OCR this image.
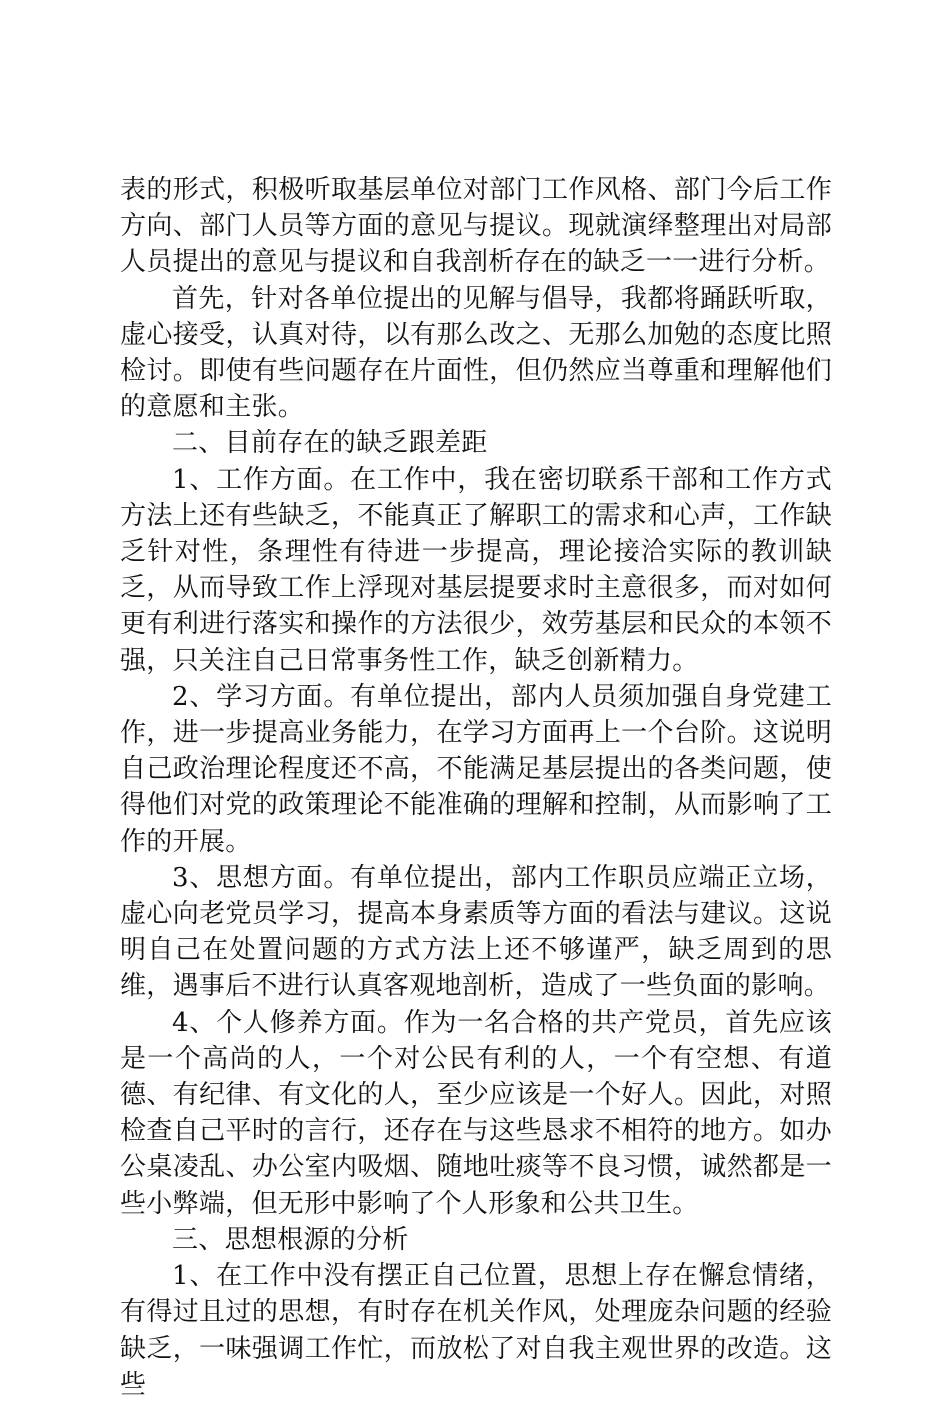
表的形式，积极听取基层单位对部门工作风格、部门今后工作方向、部门人员等方面的意见与提议。现就演绎整理出对局部人员提出的意见与提议和自我剖析存在的缺乏一一进行分析。

首先，针对各单位提出的见解与倡导，我都将踊跃听取，虚心接受，认真对待，以有那么改之、无那么加勉的态度比照检讨。即使有些问题存在片面性，但仍然应当尊重和理解他们的意愿和主张。

二、目前存在的缺乏跟差距

1、工作方面。在工作中，我在密切联系干部和工作方式方法上还有些缺乏，不能真正了解职工的需求和心声，工作缺乏针对性，条理性有待进一步提高，理论接洽实际的教训缺乏，从而导致工作上浮现对基层提要求时主意很多，而对如何更有利进行落实和操作的方法很少，效劳基层和民众的本领不强，只关注自己日常事务性工作，缺乏创新精力。

2、学习方面。有单位提出，部内人员须加强自身党建工作，进一步提高业务能力，在学习方面再上一个台阶。这说明自己政治理论程度还不高，不能满足基层提出的各类问题，使得他们对党的政策理论不能准确的理解和控制，从而影响了工作的开展。

3、思想方面。有单位提出，部内工作职员应端正立场，虚心向老党员学习，提高本身素质等方面的看法与建议。这说明自己在处置问题的方式方法上还不够谨严，缺乏周到的思维，遇事后不进行认真客观地剖析，造成了一些负面的影响。

4、个人修养方面。作为一名合格的共产党员，首先应该是一个高尚的人，一个对公民有利的人，一个有空想、有道德、有纪律、有文化的人，至少应该是一个好人。因此，对照检查自己平时的言行，还存在与这些恳求不相符的地方。如办公桌凌乱、办公室内吸烟、随地吐痰等不良习惯，诚然都是一些小弊端，但无形中影响了个人形象和公共卫生。

三、思想根源的分析

1、在工作中没有摆正自己位置，思想上存在懈怠情绪，有得过且过的思想，有时存在机关作风，处理庞杂问题的经验缺乏，一味强调工作忙，而放松了对自我主观世界的改造。这些
